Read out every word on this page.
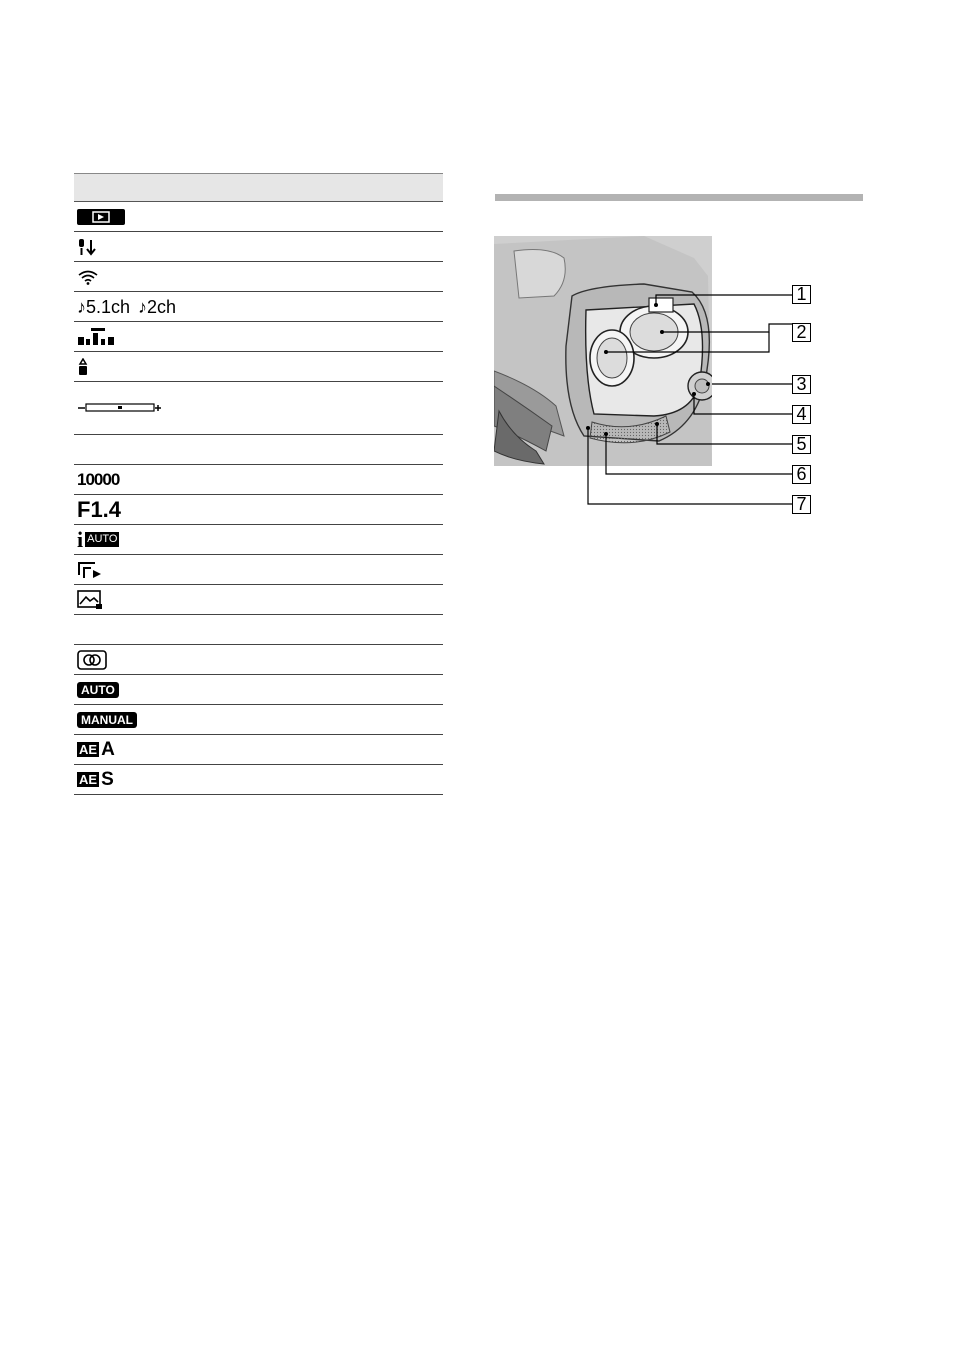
♪5.1ch ♪2ch
10000
F1.4
i AUTO
AUTO
MANUAL
AE A
AE S
1
2
3
4
5
6
7
